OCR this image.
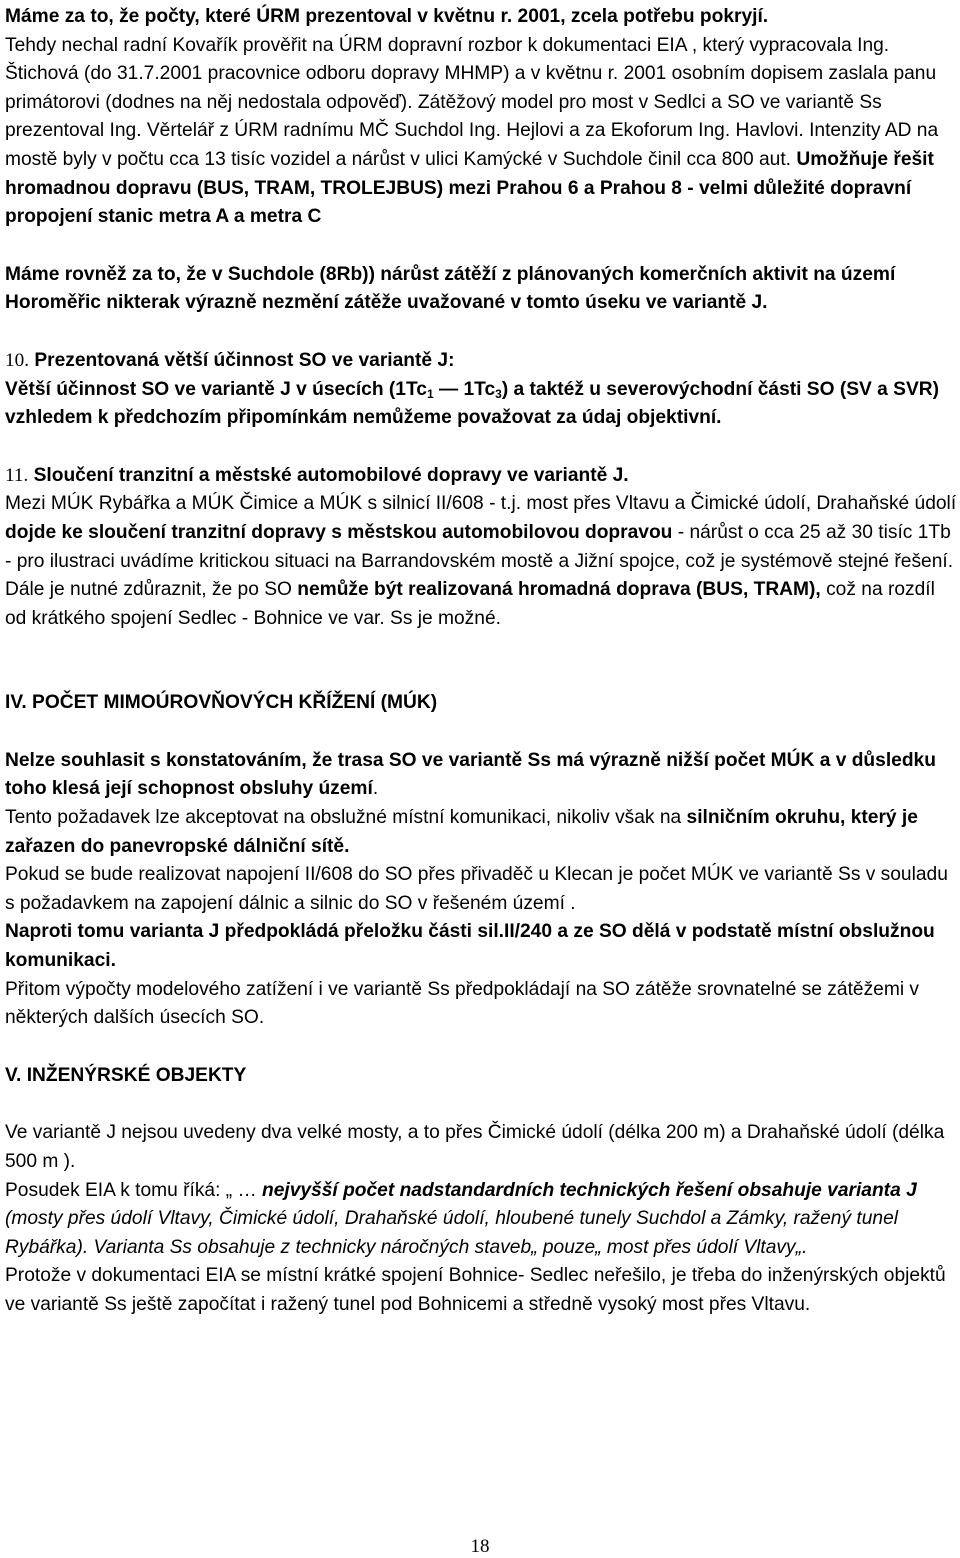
Máme za to, že počty, které ÚRM prezentoval v květnu r. 2001, zcela potřebu pokryjí.
Tehdy nechal radní Kovařík prověřit na ÚRM dopravní rozbor k dokumentaci EIA , který vypracovala Ing. Štichová (do 31.7.2001 pracovnice odboru dopravy MHMP) a v květnu r. 2001 osobním dopisem zaslala panu primátorovi (dodnes na něj nedostala odpověď). Zátěžový model pro most v Sedlci a SO ve variantě Ss prezentoval Ing. Věrtelář z ÚRM radnímu MČ Suchdol Ing. Hejlovi a za Ekoforum Ing. Havlovi. Intenzity AD na mostě byly v počtu cca 13 tisíc vozidel a nárůst v ulici Kamýcké v Suchdole činil cca 800 aut. Umožňuje řešit hromadnou dopravu (BUS, TRAM, TROLEJBUS) mezi Prahou 6 a Prahou 8 - velmi důležité dopravní propojení stanic metra A a metra C

Máme rovněž za to, že v Suchdole (8Rb)) nárůst zátěží z plánovaných komerčních aktivit na území Horoměřic nikterak výrazně nezmění zátěže uvažované v tomto úseku ve variantě J.

10. Prezentovaná větší účinnost SO ve variantě J:
Větší účinnost SO ve variantě J v úsecích ($1Tc_1$ — $1Tc_3$) a taktéž u severovýchodní části SO (SV a SVR) vzhledem k předchozím připomínkám nemůžeme považovat za údaj objektivní.

11. Sloučení tranzitní a městské automobilové dopravy ve variantě J.
Mezi MÚK Rybářka a MÚK Čimice a MÚK s silnicí II/608 - t.j. most přes Vltavu a Čimické údolí, Drahaňské údolí dojde ke sloučení tranzitní dopravy s městskou automobilovou dopravou - nárůst o cca 25 až 30 tisíc 1Tb - pro ilustraci uvádíme kritickou situaci na Barrandovském mostě a Jižní spojce, což je systémově stejné řešení. Dále je nutné zdůraznit, že po SO nemůže být realizovaná hromadná doprava (BUS, TRAM), což na rozdíl od krátkého spojení Sedlec - Bohnice ve var. Ss je možné.

IV. POČET MIMOÚROVŇOVÝCH KŘÍŽENÍ (MÚK)

Nelze souhlasit s konstatováním, že trasa SO ve variantě Ss má výrazně nižší počet MÚK a v důsledku toho klesá její schopnost obsluhy území.
Tento požadavek lze akceptovat na obslužné místní komunikaci, nikoliv však na silničním okruhu, který je zařazen do panevropské dálniční sítě.
Pokud se bude realizovat napojení II/608 do SO přes přivaděč u Klecan je počet MÚK ve variantě Ss v souladu s požadavkem na zapojení dálnic a silnic do SO v řešeném území .
Naproti tomu varianta J předpokládá přeložku části sil.II/240 a ze SO dělá v podstatě místní obslužnou komunikaci.
Přitom výpočty modelového zatížení i ve variantě Ss předpokládají na SO zátěže srovnatelné se zátěžemi v některých dalších úsecích SO.

V. INŽENÝRSKÉ OBJEKTY

Ve variantě J nejsou uvedeny dva velké mosty, a to přes Čimické údolí (délka 200 m) a Drahaňské údolí (délka 500 m ).
Posudek EIA k tomu říká: „ … nejvyšší počet nadstandardních technických řešení obsahuje varianta J (mosty přes údolí Vltavy, Čimické údolí, Drahaňské údolí, hloubené tunely Suchdol a Zámky, ražený tunel Rybářka). Varianta Ss obsahuje z technicky náročných staveb„ pouze„ most přes údolí Vltavy„.
Protože v dokumentaci EIA se místní krátké spojení Bohnice- Sedlec neřešilo, je třeba do inženýrských objektů ve variantě Ss ještě započítat i ražený tunel pod Bohnicemi a středně vysoký most přes Vltavu.

18
